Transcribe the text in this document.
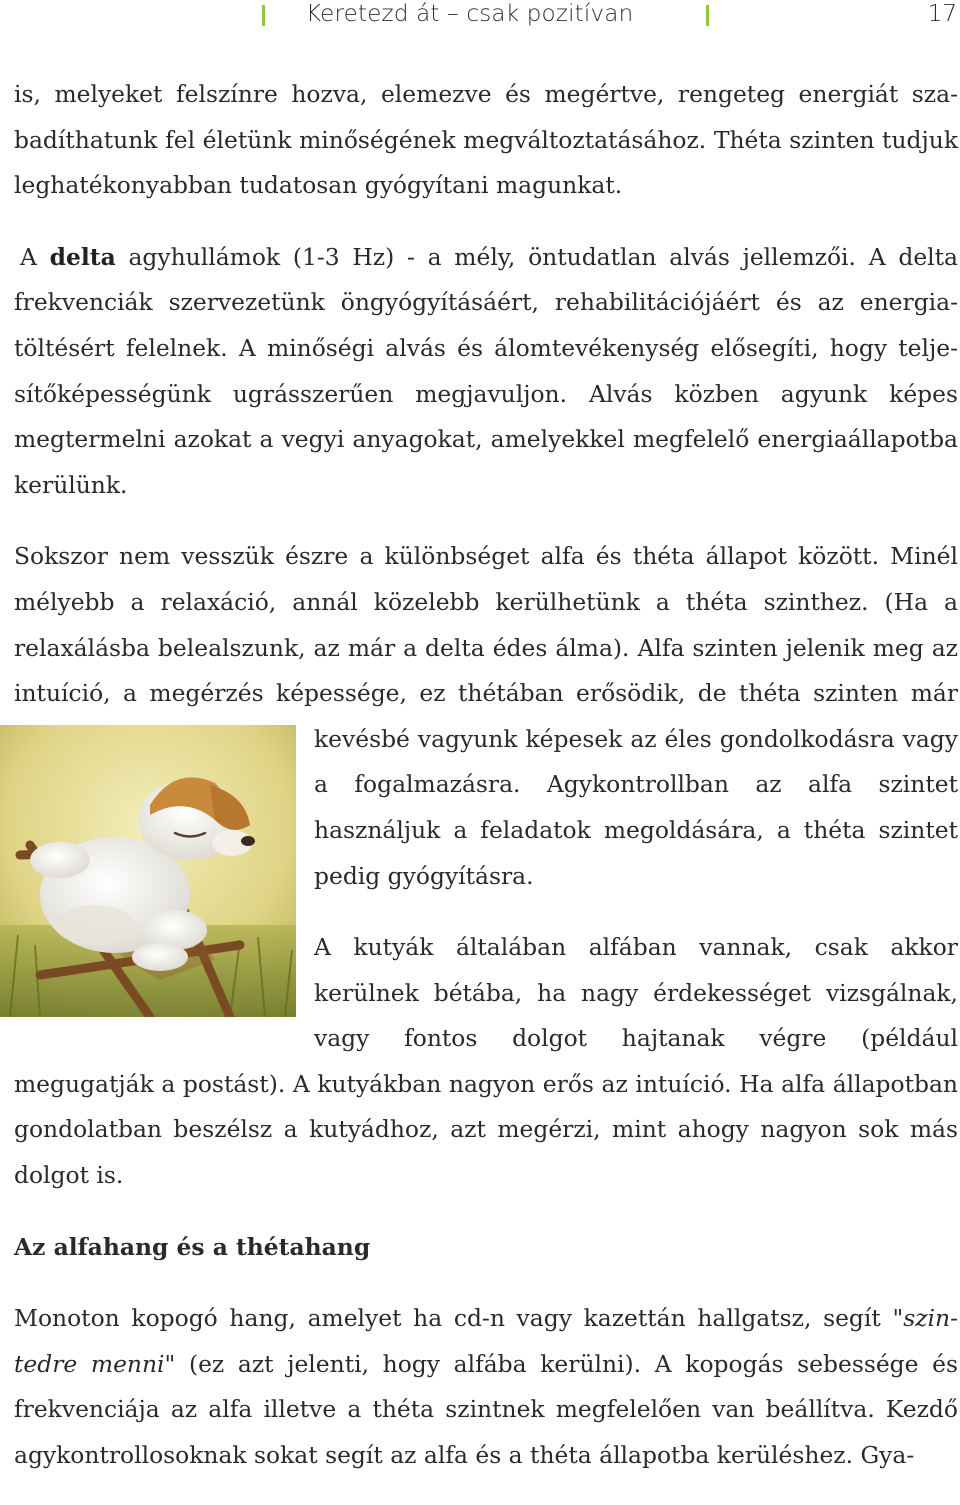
Keretezd át – csak pozitívan	17

is, melyeket felszínre hozva, elemezve és megértve, rengeteg energiát szabadíthatunk fel életünk minőségének megváltoztatásához. Théta szinten tudjuk leghatékonyabban tudatosan gyógyítani magunkat.

A delta agyhullámok (1-3 Hz) - a mély, öntudatlan alvás jellemzői. A delta frekvenciák szervezetünk öngyógyításáért, rehabilitációjáért és az energiatöltésért felelnek. A minőségi alvás és álomtevékenység elősegíti, hogy teljesítőképességünk ugrásszerűen megjavuljon. Alvás közben agyunk képes megtermelni azokat a vegyi anyagokat, amelyekkel megfelelő energiaállapotba kerülünk.

Sokszor nem vesszük észre a különbséget alfa és théta állapot között. Minél mélyebb a relaxáció, annál közelebb kerülhetünk a théta szinthez. (Ha a relaxálásba belealszunk, az már a delta édes álma). Alfa szinten jelenik meg az intuíció, a megérzés képessége, ez thétában erősödik, de théta szinten már kevésbé vagyunk képesek az éles gondolkodásra vagy a fogalmazásra. Agykontrollban az alfa szintet használjuk a feladatok megoldására, a théta szintet pedig gyógyításra.

A kutyák általában alfában vannak, csak akkor kerülnek bétába, ha nagy érdekességet vizsgálnak, vagy fontos dolgot hajtanak végre (például megugatják a postást). A kutyákban nagyon erős az intuíció. Ha alfa állapotban gondolatban beszélsz a kutyádhoz, azt megérzi, mint ahogy nagyon sok más dolgot is.

Az alfahang és a thétahang

Monoton kopogó hang, amelyet ha cd-n vagy kazettán hallgatsz, segít "szintedre menni" (ez azt jelenti, hogy alfába kerülni). A kopogás sebessége és frekvenciája az alfa illetve a théta szintnek megfelelően van beállítva. Kezdő agykontrollosoknak sokat segít az alfa és a théta állapotba kerüléshez. Gya-
